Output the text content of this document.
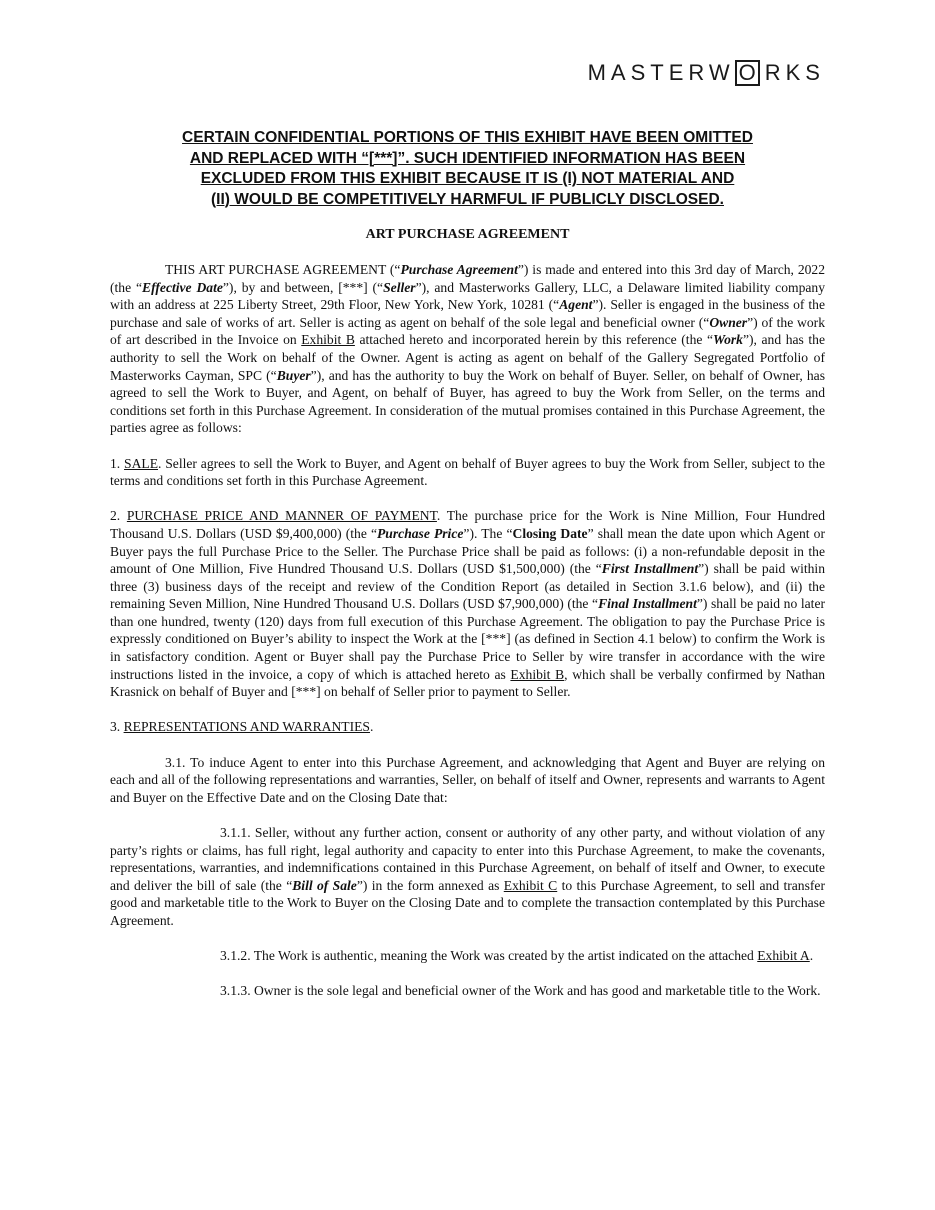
MASTERW O RKS
CERTAIN CONFIDENTIAL PORTIONS OF THIS EXHIBIT HAVE BEEN OMITTED
AND REPLACED WITH “[***]”. SUCH IDENTIFIED INFORMATION HAS BEEN
EXCLUDED FROM THIS EXHIBIT BECAUSE IT IS (I) NOT MATERIAL AND
(II) WOULD BE COMPETITIVELY HARMFUL IF PUBLICLY DISCLOSED.
ART PURCHASE AGREEMENT

THIS ART PURCHASE AGREEMENT (“Purchase Agreement”) is made and entered into this 3rd day of March, 2022 (the “Effective Date”), by and between, [***] (“Seller”), and Masterworks Gallery, LLC, a Delaware limited liability company with an address at 225 Liberty Street, 29th Floor, New York, New York, 10281 (“Agent”). Seller is engaged in the business of the purchase and sale of works of art. Seller is acting as agent on behalf of the sole legal and beneficial owner (“Owner”) of the work of art described in the Invoice on Exhibit B attached hereto and incorporated herein by this reference (the “Work”), and has the authority to sell the Work on behalf of the Owner. Agent is acting as agent on behalf of the Gallery Segregated Portfolio of Masterworks Cayman, SPC (“Buyer”), and has the authority to buy the Work on behalf of Buyer. Seller, on behalf of Owner, has agreed to sell the Work to Buyer, and Agent, on behalf of Buyer, has agreed to buy the Work from Seller, on the terms and conditions set forth in this Purchase Agreement. In consideration of the mutual promises contained in this Purchase Agreement, the parties agree as follows:

1. SALE. Seller agrees to sell the Work to Buyer, and Agent on behalf of Buyer agrees to buy the Work from Seller, subject to the terms and conditions set forth in this Purchase Agreement.

2. PURCHASE PRICE AND MANNER OF PAYMENT. The purchase price for the Work is Nine Million, Four Hundred Thousand U.S. Dollars (USD $9,400,000) (the “Purchase Price”). The “Closing Date” shall mean the date upon which Agent or Buyer pays the full Purchase Price to the Seller. The Purchase Price shall be paid as follows: (i) a non-refundable deposit in the amount of One Million, Five Hundred Thousand U.S. Dollars (USD $1,500,000) (the “First Installment”) shall be paid within three (3) business days of the receipt and review of the Condition Report (as detailed in Section 3.1.6 below), and (ii) the remaining Seven Million, Nine Hundred Thousand U.S. Dollars (USD $7,900,000) (the “Final Installment”) shall be paid no later than one hundred, twenty (120) days from full execution of this Purchase Agreement. The obligation to pay the Purchase Price is expressly conditioned on Buyer’s ability to inspect the Work at the [***] (as defined in Section 4.1 below) to confirm the Work is in satisfactory condition. Agent or Buyer shall pay the Purchase Price to Seller by wire transfer in accordance with the wire instructions listed in the invoice, a copy of which is attached hereto as Exhibit B, which shall be verbally confirmed by Nathan Krasnick on behalf of Buyer and [***] on behalf of Seller prior to payment to Seller.

3. REPRESENTATIONS AND WARRANTIES.

3.1. To induce Agent to enter into this Purchase Agreement, and acknowledging that Agent and Buyer are relying on each and all of the following representations and warranties, Seller, on behalf of itself and Owner, represents and warrants to Agent and Buyer on the Effective Date and on the Closing Date that:

3.1.1. Seller, without any further action, consent or authority of any other party, and without violation of any party’s rights or claims, has full right, legal authority and capacity to enter into this Purchase Agreement, to make the covenants, representations, warranties, and indemnifications contained in this Purchase Agreement, on behalf of itself and Owner, to execute and deliver the bill of sale (the “Bill of Sale”) in the form annexed as Exhibit C to this Purchase Agreement, to sell and transfer good and marketable title to the Work to Buyer on the Closing Date and to complete the transaction contemplated by this Purchase Agreement.

3.1.2. The Work is authentic, meaning the Work was created by the artist indicated on the attached Exhibit A.

3.1.3. Owner is the sole legal and beneficial owner of the Work and has good and marketable title to the Work.
